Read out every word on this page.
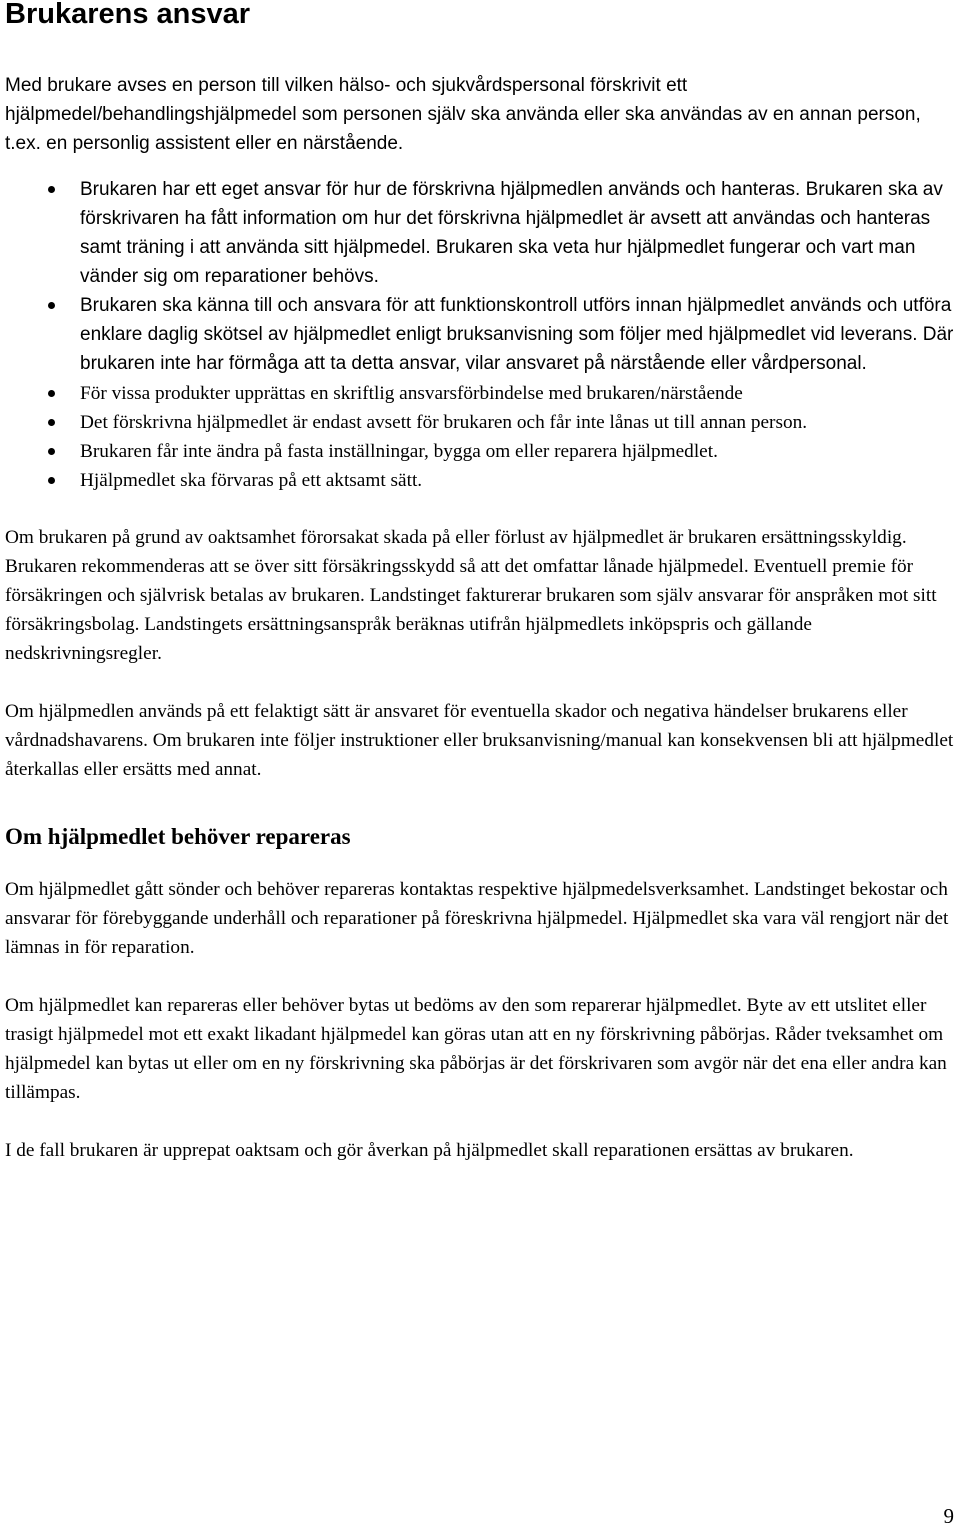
Brukarens ansvar

Med brukare avses en person till vilken hälso- och sjukvårdspersonal förskrivit ett hjälpmedel/behandlingshjälpmedel som personen själv ska använda eller ska användas av en annan person, t.ex. en personlig assistent eller en närstående.

Brukaren har ett eget ansvar för hur de förskrivna hjälpmedlen används och hanteras. Brukaren ska av förskrivaren ha fått information om hur det förskrivna hjälpmedlet är avsett att användas och hanteras samt träning i att använda sitt hjälpmedel. Brukaren ska veta hur hjälpmedlet fungerar och vart man vänder sig om reparationer behövs.
Brukaren ska känna till och ansvara för att funktionskontroll utförs innan hjälpmedlet används och utföra enklare daglig skötsel av hjälpmedlet enligt bruksanvisning som följer med hjälpmedlet vid leverans. Där brukaren inte har förmåga att ta detta ansvar, vilar ansvaret på närstående eller vårdpersonal.
För vissa produkter upprättas en skriftlig ansvarsförbindelse med brukaren/närstående
Det förskrivna hjälpmedlet är endast avsett för brukaren och får inte lånas ut till annan person.
Brukaren får inte ändra på fasta inställningar, bygga om eller reparera hjälpmedlet.
Hjälpmedlet ska förvaras på ett aktsamt sätt.

Om brukaren på grund av oaktsamhet förorsakat skada på eller förlust av hjälpmedlet är brukaren ersättningsskyldig. Brukaren rekommenderas att se över sitt försäkringsskydd så att det omfattar lånade hjälpmedel. Eventuell premie för försäkringen och självrisk betalas av brukaren. Landstinget fakturerar brukaren som själv ansvarar för anspråken mot sitt försäkringsbolag. Landstingets ersättningsanspråk beräknas utifrån hjälpmedlets inköpspris och gällande nedskrivningsregler.

Om hjälpmedlen används på ett felaktigt sätt är ansvaret för eventuella skador och negativa händelser brukarens eller vårdnadshavarens. Om brukaren inte följer instruktioner eller bruksanvisning/manual kan konsekvensen bli att hjälpmedlet återkallas eller ersätts med annat.

Om hjälpmedlet behöver repareras

Om hjälpmedlet gått sönder och behöver repareras kontaktas respektive hjälpmedelsverksamhet. Landstinget bekostar och ansvarar för förebyggande underhåll och reparationer på föreskrivna hjälpmedel. Hjälpmedlet ska vara väl rengjort när det lämnas in för reparation.

Om hjälpmedlet kan repareras eller behöver bytas ut bedöms av den som reparerar hjälpmedlet. Byte av ett utslitet eller trasigt hjälpmedel mot ett exakt likadant hjälpmedel kan göras utan att en ny förskrivning påbörjas. Råder tveksamhet om hjälpmedel kan bytas ut eller om en ny förskrivning ska påbörjas är det förskrivaren som avgör när det ena eller andra kan tillämpas.

I de fall brukaren är upprepat oaktsam och gör åverkan på hjälpmedlet skall reparationen ersättas av brukaren.

9
